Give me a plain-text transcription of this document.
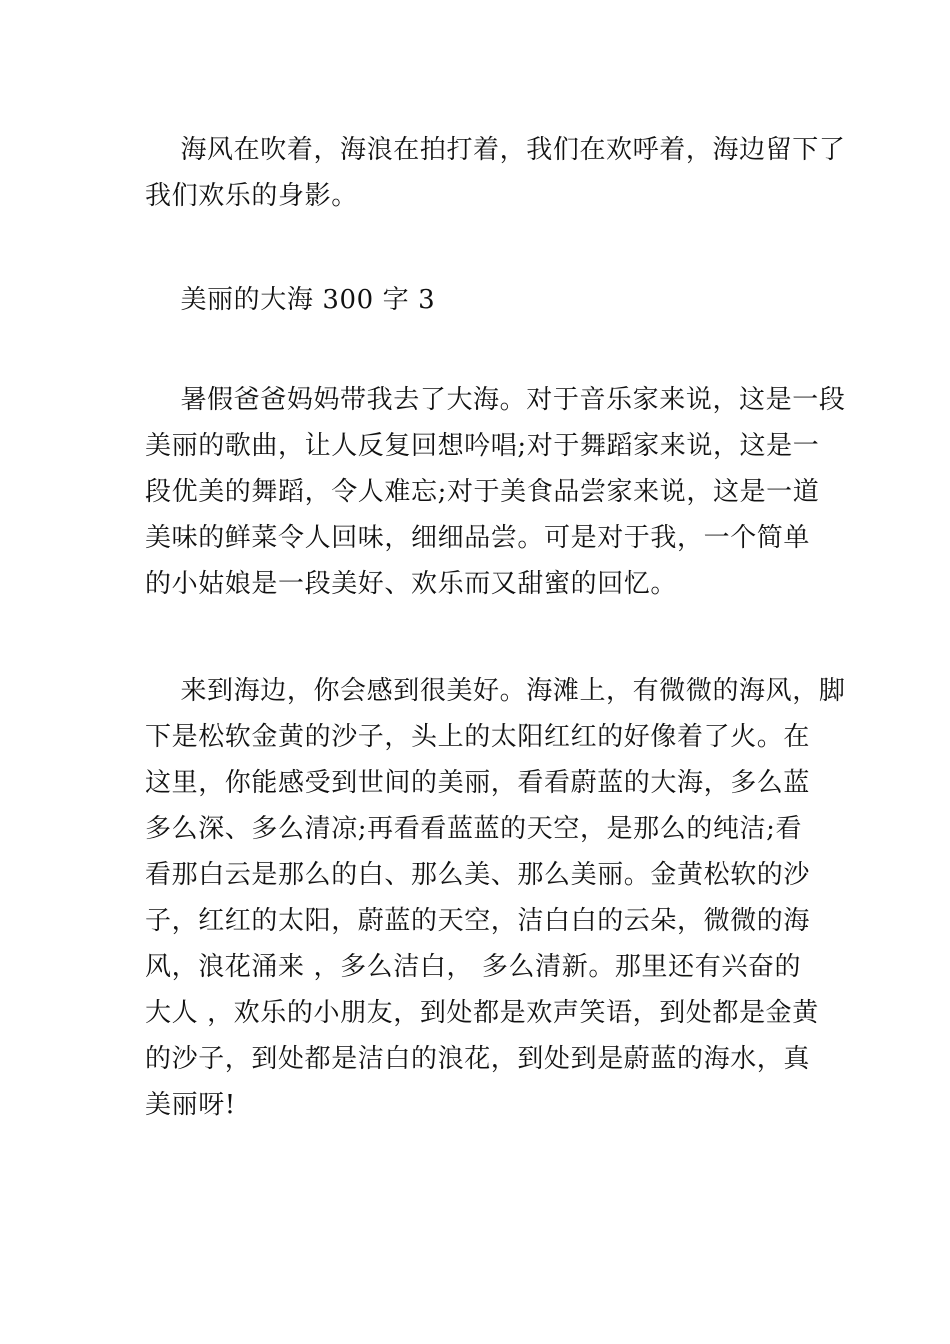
海风在吹着，海浪在拍打着，我们在欢呼着，海边留下了
我们欢乐的身影。
美丽的大海 300 字 3
暑假爸爸妈妈带我去了大海。对于音乐家来说，这是一段
美丽的歌曲，让人反复回想吟唱;对于舞蹈家来说，这是一
段优美的舞蹈，令人难忘;对于美食品尝家来说，这是一道
美味的鲜菜令人回味，细细品尝。可是对于我，一个简单
的小姑娘是一段美好、欢乐而又甜蜜的回忆。
来到海边，你会感到很美好。海滩上，有微微的海风，脚
下是松软金黄的沙子，头上的太阳红红的好像着了火。在
这里，你能感受到世间的美丽，看看蔚蓝的大海，多么蓝
多么深、多么清凉;再看看蓝蓝的天空，是那么的纯洁;看
看那白云是那么的白、那么美、那么美丽。金黄松软的沙
子，红红的太阳，蔚蓝的天空，洁白白的云朵，微微的海
风，浪花涌来 ，多么洁白， 多么清新。那里还有兴奋的
大人 ，欢乐的小朋友，到处都是欢声笑语，到处都是金黄
的沙子，到处都是洁白的浪花，到处到是蔚蓝的海水，真
美丽呀!
